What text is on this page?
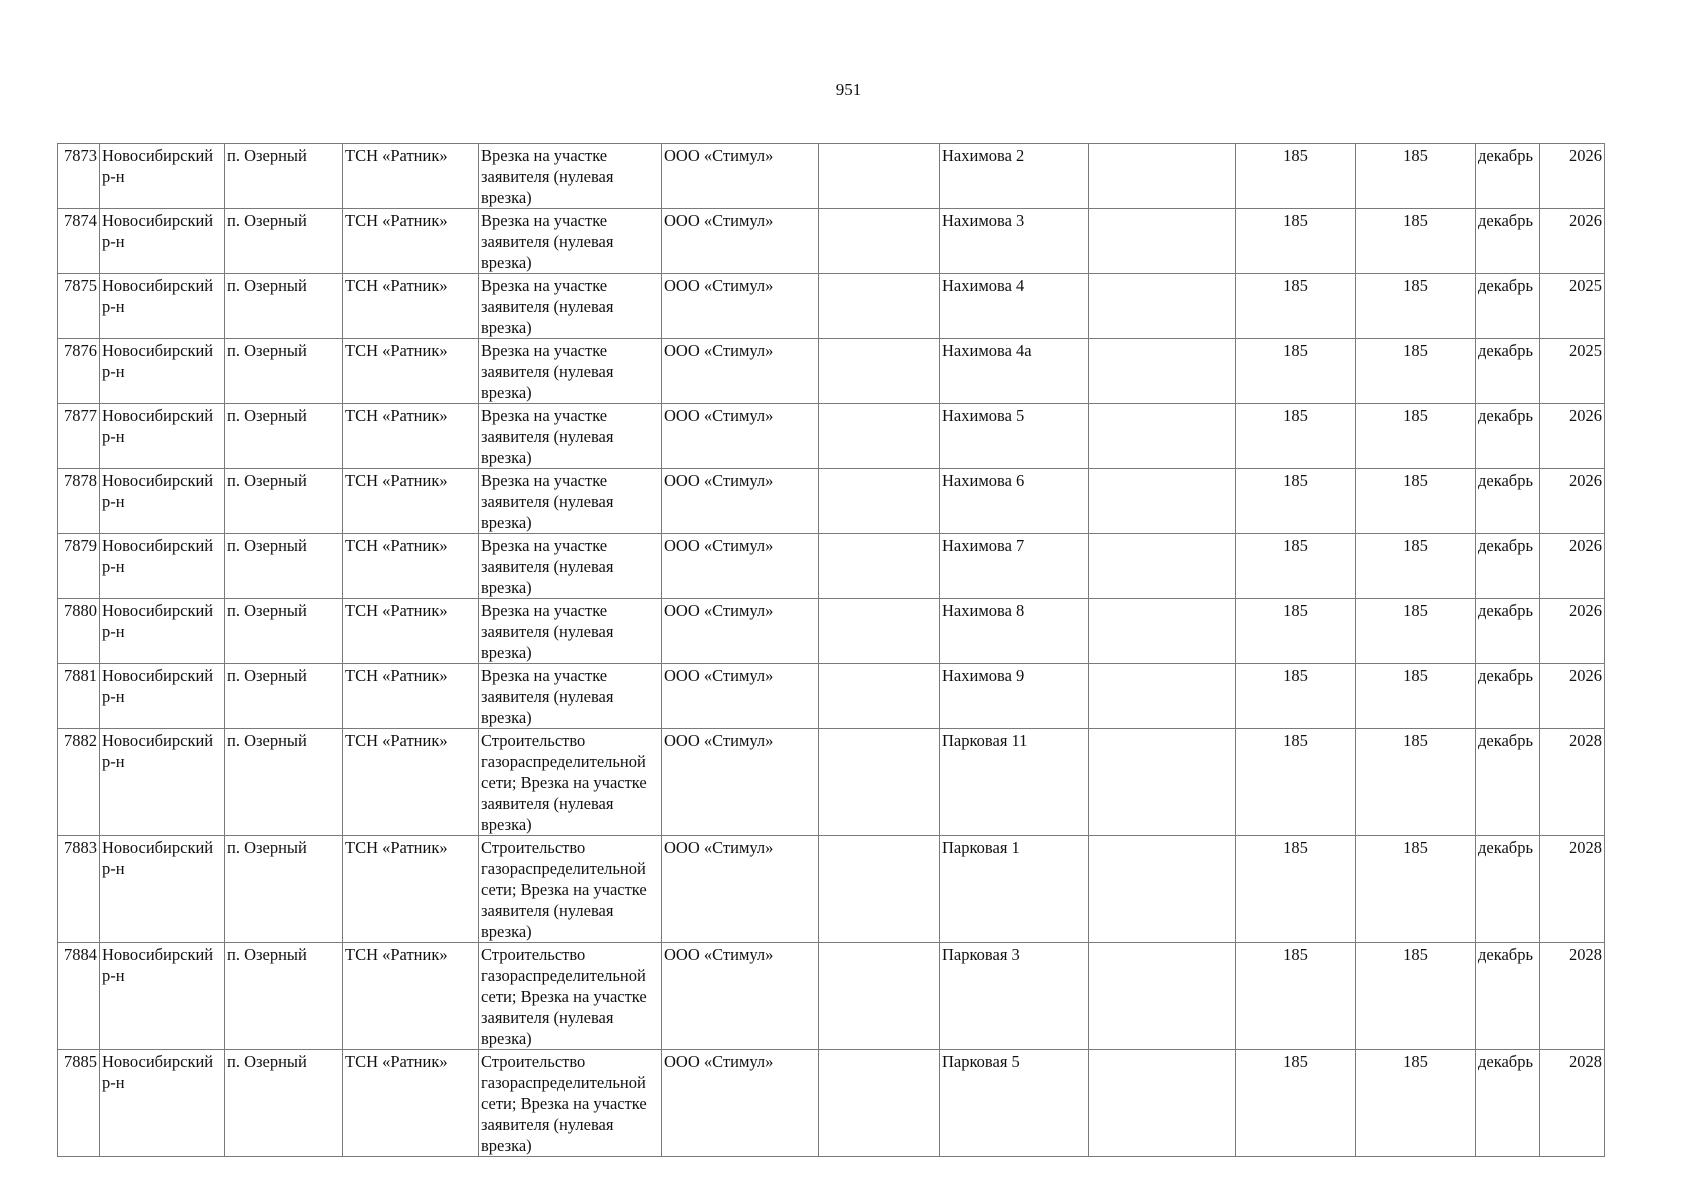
951
7873	Новосибирский р-н	п. Озерный	ТСН «Ратник»	Врезка на участке заявителя (нулевая врезка)	ООО «Стимул»		Нахимова 2		185	185	декабрь	2026
7874	Новосибирский р-н	п. Озерный	ТСН «Ратник»	Врезка на участке заявителя (нулевая врезка)	ООО «Стимул»		Нахимова 3		185	185	декабрь	2026
7875	Новосибирский р-н	п. Озерный	ТСН «Ратник»	Врезка на участке заявителя (нулевая врезка)	ООО «Стимул»		Нахимова 4		185	185	декабрь	2025
7876	Новосибирский р-н	п. Озерный	ТСН «Ратник»	Врезка на участке заявителя (нулевая врезка)	ООО «Стимул»		Нахимова 4а		185	185	декабрь	2025
7877	Новосибирский р-н	п. Озерный	ТСН «Ратник»	Врезка на участке заявителя (нулевая врезка)	ООО «Стимул»		Нахимова 5		185	185	декабрь	2026
7878	Новосибирский р-н	п. Озерный	ТСН «Ратник»	Врезка на участке заявителя (нулевая врезка)	ООО «Стимул»		Нахимова 6		185	185	декабрь	2026
7879	Новосибирский р-н	п. Озерный	ТСН «Ратник»	Врезка на участке заявителя (нулевая врезка)	ООО «Стимул»		Нахимова 7		185	185	декабрь	2026
7880	Новосибирский р-н	п. Озерный	ТСН «Ратник»	Врезка на участке заявителя (нулевая врезка)	ООО «Стимул»		Нахимова 8		185	185	декабрь	2026
7881	Новосибирский р-н	п. Озерный	ТСН «Ратник»	Врезка на участке заявителя (нулевая врезка)	ООО «Стимул»		Нахимова 9		185	185	декабрь	2026
7882	Новосибирский р-н	п. Озерный	ТСН «Ратник»	Строительство газораспределительной сети; Врезка на участке заявителя (нулевая врезка)	ООО «Стимул»		Парковая 11		185	185	декабрь	2028
7883	Новосибирский р-н	п. Озерный	ТСН «Ратник»	Строительство газораспределительной сети; Врезка на участке заявителя (нулевая врезка)	ООО «Стимул»		Парковая 1		185	185	декабрь	2028
7884	Новосибирский р-н	п. Озерный	ТСН «Ратник»	Строительство газораспределительной сети; Врезка на участке заявителя (нулевая врезка)	ООО «Стимул»		Парковая 3		185	185	декабрь	2028
7885	Новосибирский р-н	п. Озерный	ТСН «Ратник»	Строительство газораспределительной сети; Врезка на участке заявителя (нулевая врезка)	ООО «Стимул»		Парковая 5		185	185	декабрь	2028
